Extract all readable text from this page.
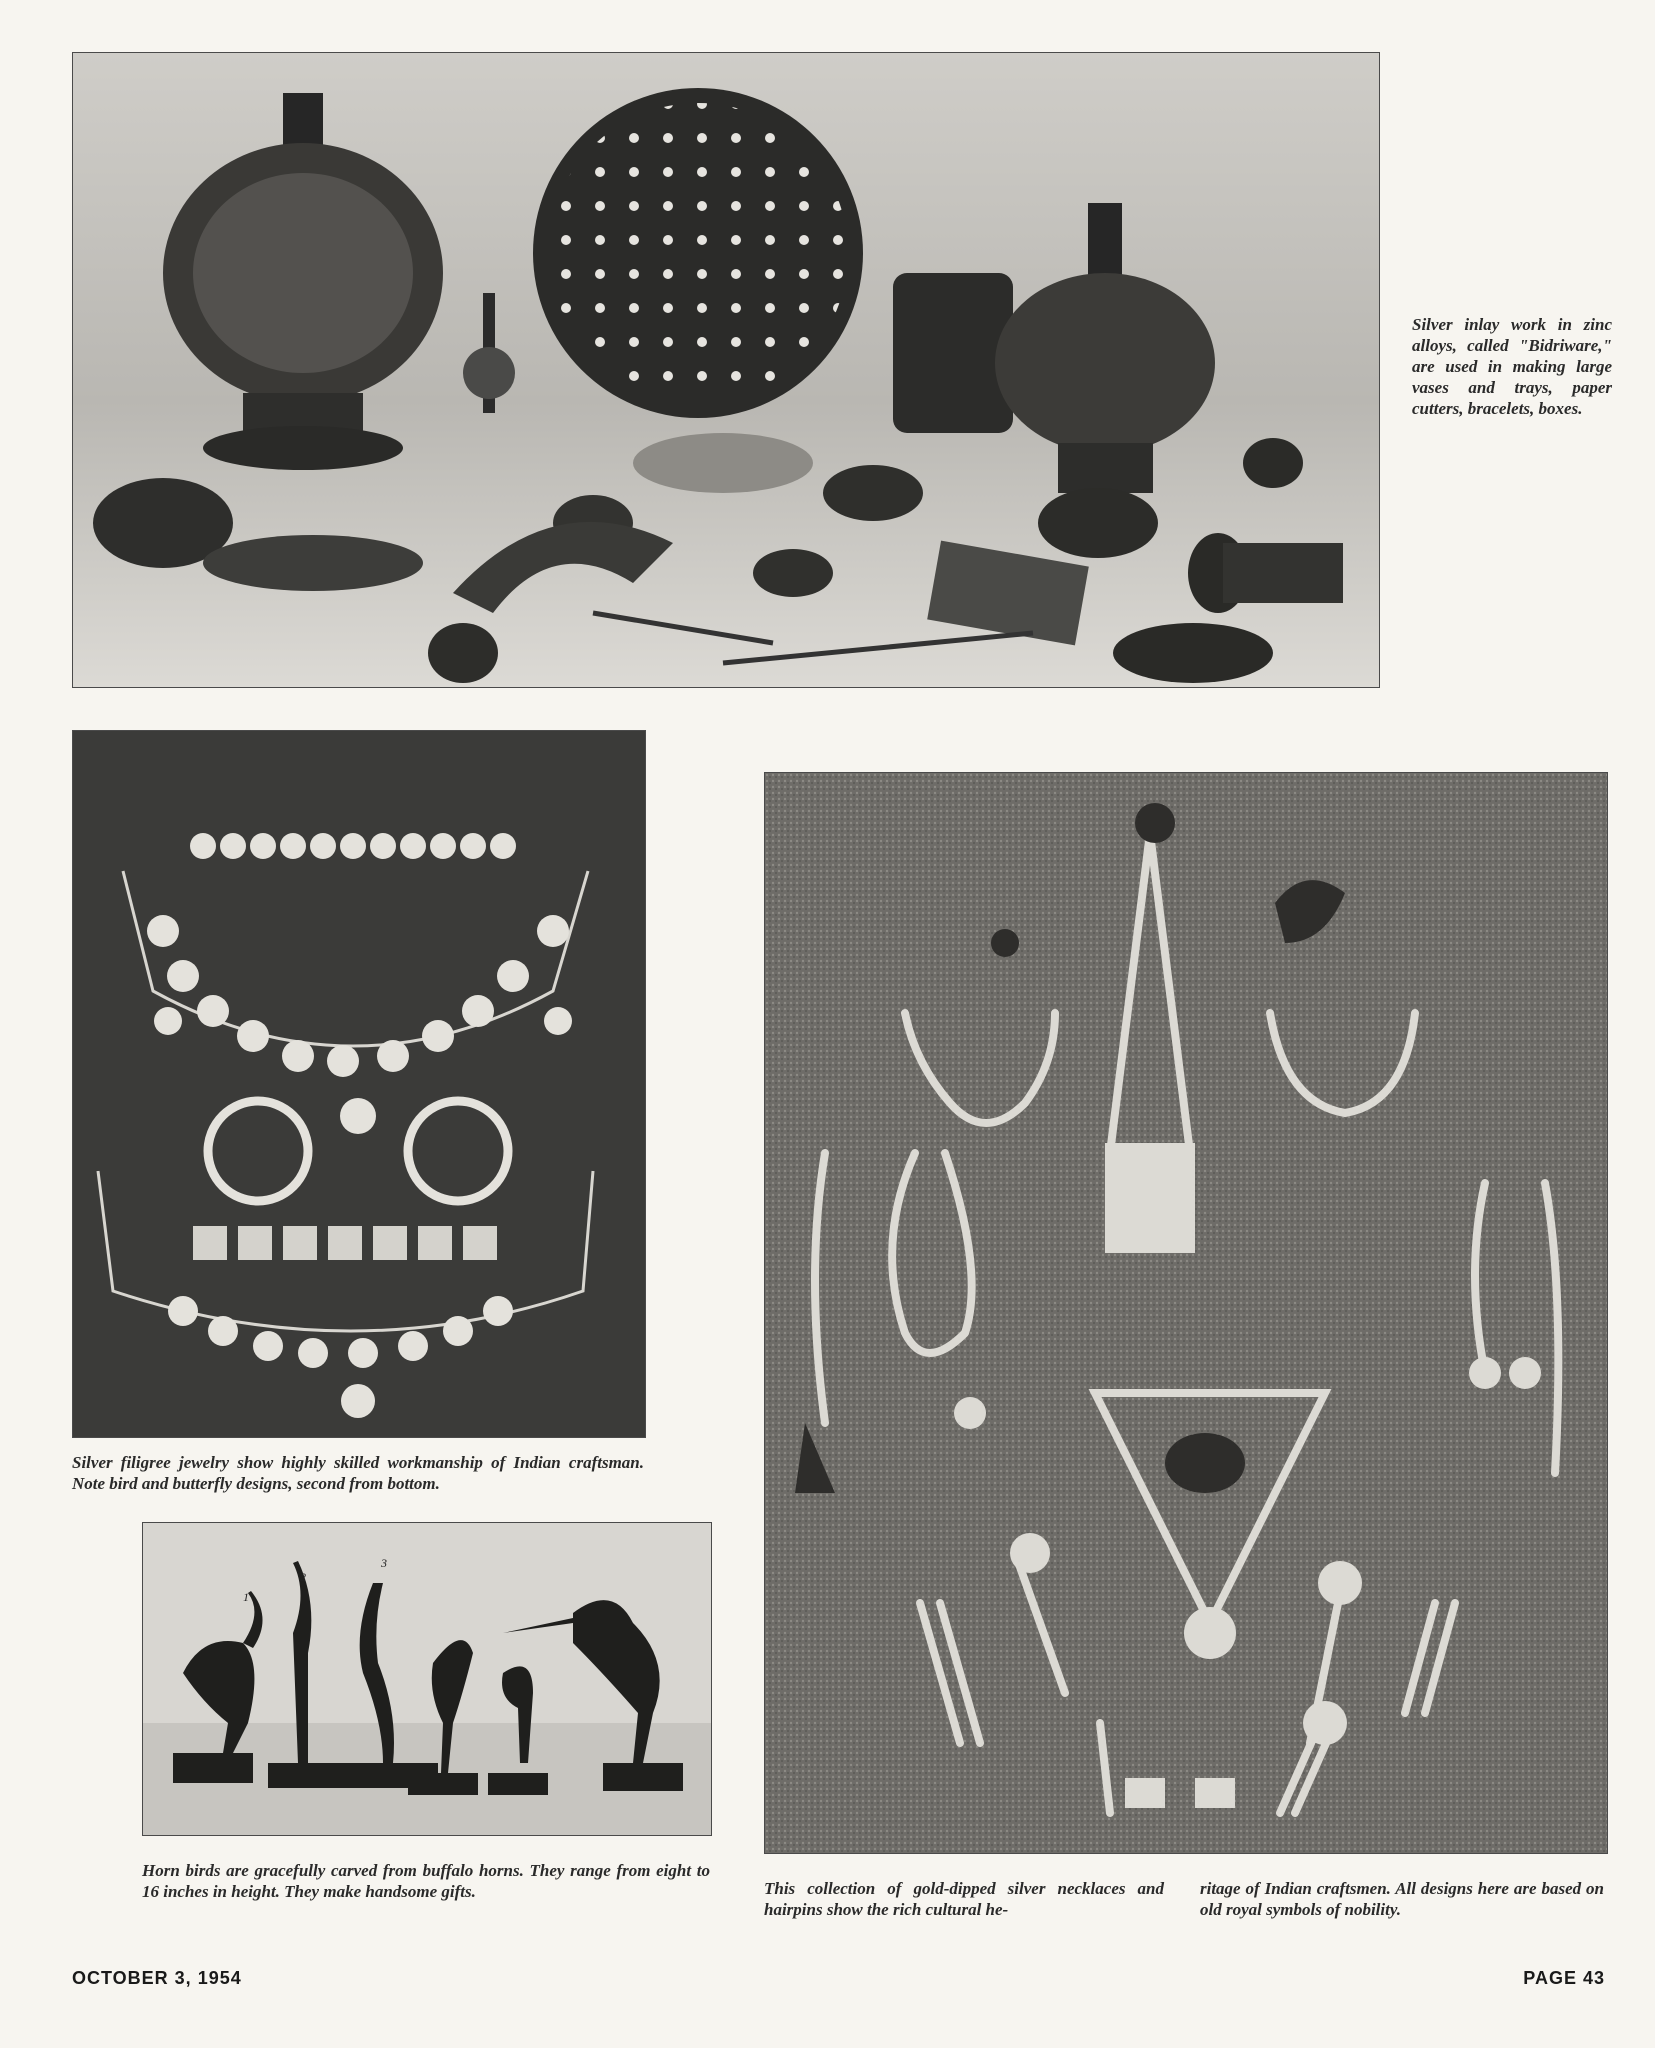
Silver inlay work in zinc alloys, called "Bidriware," are used in making large vases and trays, paper cutters, bracelets, boxes.

Silver filigree jewelry show highly skilled workmanship of Indian craftsman. Note bird and butterfly designs, second from bottom.

1
2
3

Horn birds are gracefully carved from buffalo horns. They range from eight to 16 inches in height. They make handsome gifts.	This collection of gold-dipped silver necklaces and hairpins show the rich cultural he-

ritage of Indian craftsmen. All designs here are based on old royal symbols of nobility.

OCTOBER 3, 1954	PAGE 43
